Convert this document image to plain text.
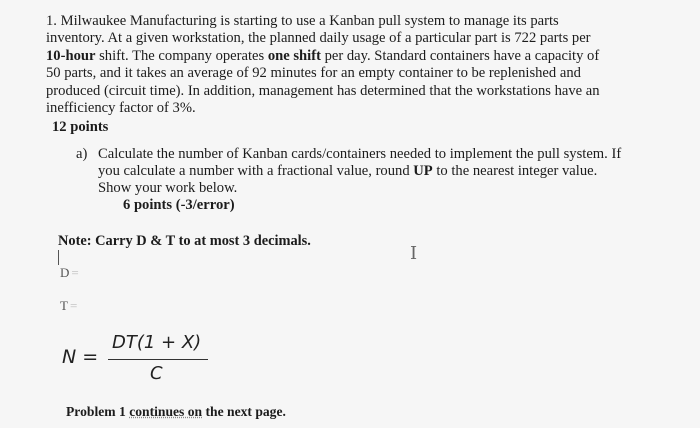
1. Milwaukee Manufacturing is starting to use a Kanban pull system to manage its parts
inventory. At a given workstation, the planned daily usage of a particular part is 722 parts per
10-hour shift. The company operates one shift per day. Standard containers have a capacity of
50 parts, and it takes an average of 92 minutes for an empty container to be replenished and
produced (circuit time). In addition, management has determined that the workstations have an
inefficiency factor of 3%.
12 points
a) Calculate the number of Kanban cards/containers needed to implement the pull system. If
you calculate a number with a fractional value, round UP to the nearest integer value.
Show your work below.
6 points (-3/error)
Note: Carry D & T to at most 3 decimals.
I
D =
T =
N =
DT(1 + X)
C
Problem 1 continues on the next page.
